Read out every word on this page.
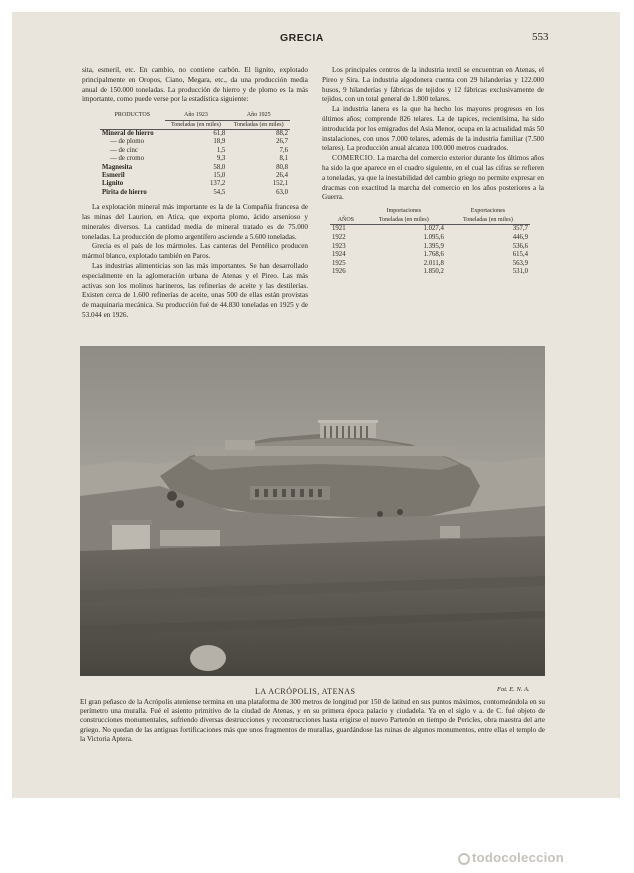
GRECIA	553

sita, esmeril, etc. En cambio, no contiene carbón. El lignito, explotado principalmente en Oropos, Ciano, Megara, etc., da una producción media anual de 150.000 toneladas. La producción de hierro y de plomo es la más importante, como puede verse por la estadística siguiente:

PRODUCTOS	Año 1923	Año 1925
	Toneladas (en miles)	Toneladas (en miles)
Mineral de hierro	61,8	88,2
— de plomo	18,9	26,7
— de cinc	1,5	7,6
— de cromo	9,3	8,1
Magnesita	58,0	80,8
Esmeril	15,0	26,4
Lignito	137,2	152,1
Pirita de hierro	54,5	63,0

La explotación mineral más importante es la de la Compañía francesa de las minas del Laurion, en Atica, que exporta plomo, ácido arsenioso y minerales diversos. La cantidad media de mineral tratado es de 75.000 toneladas. La producción de plomo argentífero asciende a 5.600 toneladas.

Grecia es el país de los mármoles. Las canteras del Pentélico producen mármol blanco, explotado también en Paros.

Las industrias alimenticias son las más importantes. Se han desarrollado especialmente en la aglomeración urbana de Atenas y el Pireo. Las más activas son los molinos harineros, las refinerías de aceite y las destilerías. Existen cerca de 1.600 refinerías de aceite, unas 500 de ellas están provistas de maquinaria mecánica. Su producción fué de 44.830 toneladas en 1925 y de 53.044 en 1926.

Los principales centros de la industria textil se encuentran en Atenas, el Pireo y Sira. La industria algodonera cuenta con 29 hilanderías y 122.000 husos, 9 hilanderías y fábricas de tejidos y 12 fábricas exclusivamente de tejidos, con un total general de 1.800 telares.

La industria lanera es la que ha hecho los mayores progresos en los últimos años; comprende 826 telares. La de tapices, recientísima, ha sido introducida por los emigrados del Asia Menor, ocupa en la actualidad más 50 instalaciones, con unos 7.000 telares, además de la industria familiar (7.500 telares). La producción anual alcanza 100.000 metros cuadrados.

COMERCIO. La marcha del comercio exterior durante los últimos años ha sido la que aparece en el cuadro siguiente, en el cual las cifras se refieren a toneladas, ya que la inestabilidad del cambio griego no permite expresar en dracmas con exactitud la marcha del comercio en los años posteriores a la Guerra.

	Importaciones	Exportaciones
AÑOS	Toneladas (en miles)	Toneladas (en miles)
1921	1.027,4	357,7
1922	1.095,6	446,9
1923	1.395,9	536,6
1924	1.768,6	615,4
1925	2.011,8	563,9
1926	1.850,2	531,0
LA ACRÓPOLIS, ATENAS	Fot. E. N. A.
El gran peñasco de la Acrópolis ateniense termina en una plataforma de 300 metros de longitud por 150 de latitud en sus puntos máximos, contorneándola en su perímetro una muralla. Fué el asiento primitivo de la ciudad de Atenas, y en su primera época palacio y ciudadela. Ya en el siglo v a. de C. fué objeto de construcciones monumentales, sufriendo diversas destrucciones y reconstrucciones hasta erigirse el nuevo Partenón en tiempo de Pericles, obra maestra del arte griego. No quedan de las antiguas fortificaciones más que unos fragmentos de murallas, guardándose las ruinas de algunos monumentos, entre ellas el templo de la Victoria Aptera.
todocoleccion
